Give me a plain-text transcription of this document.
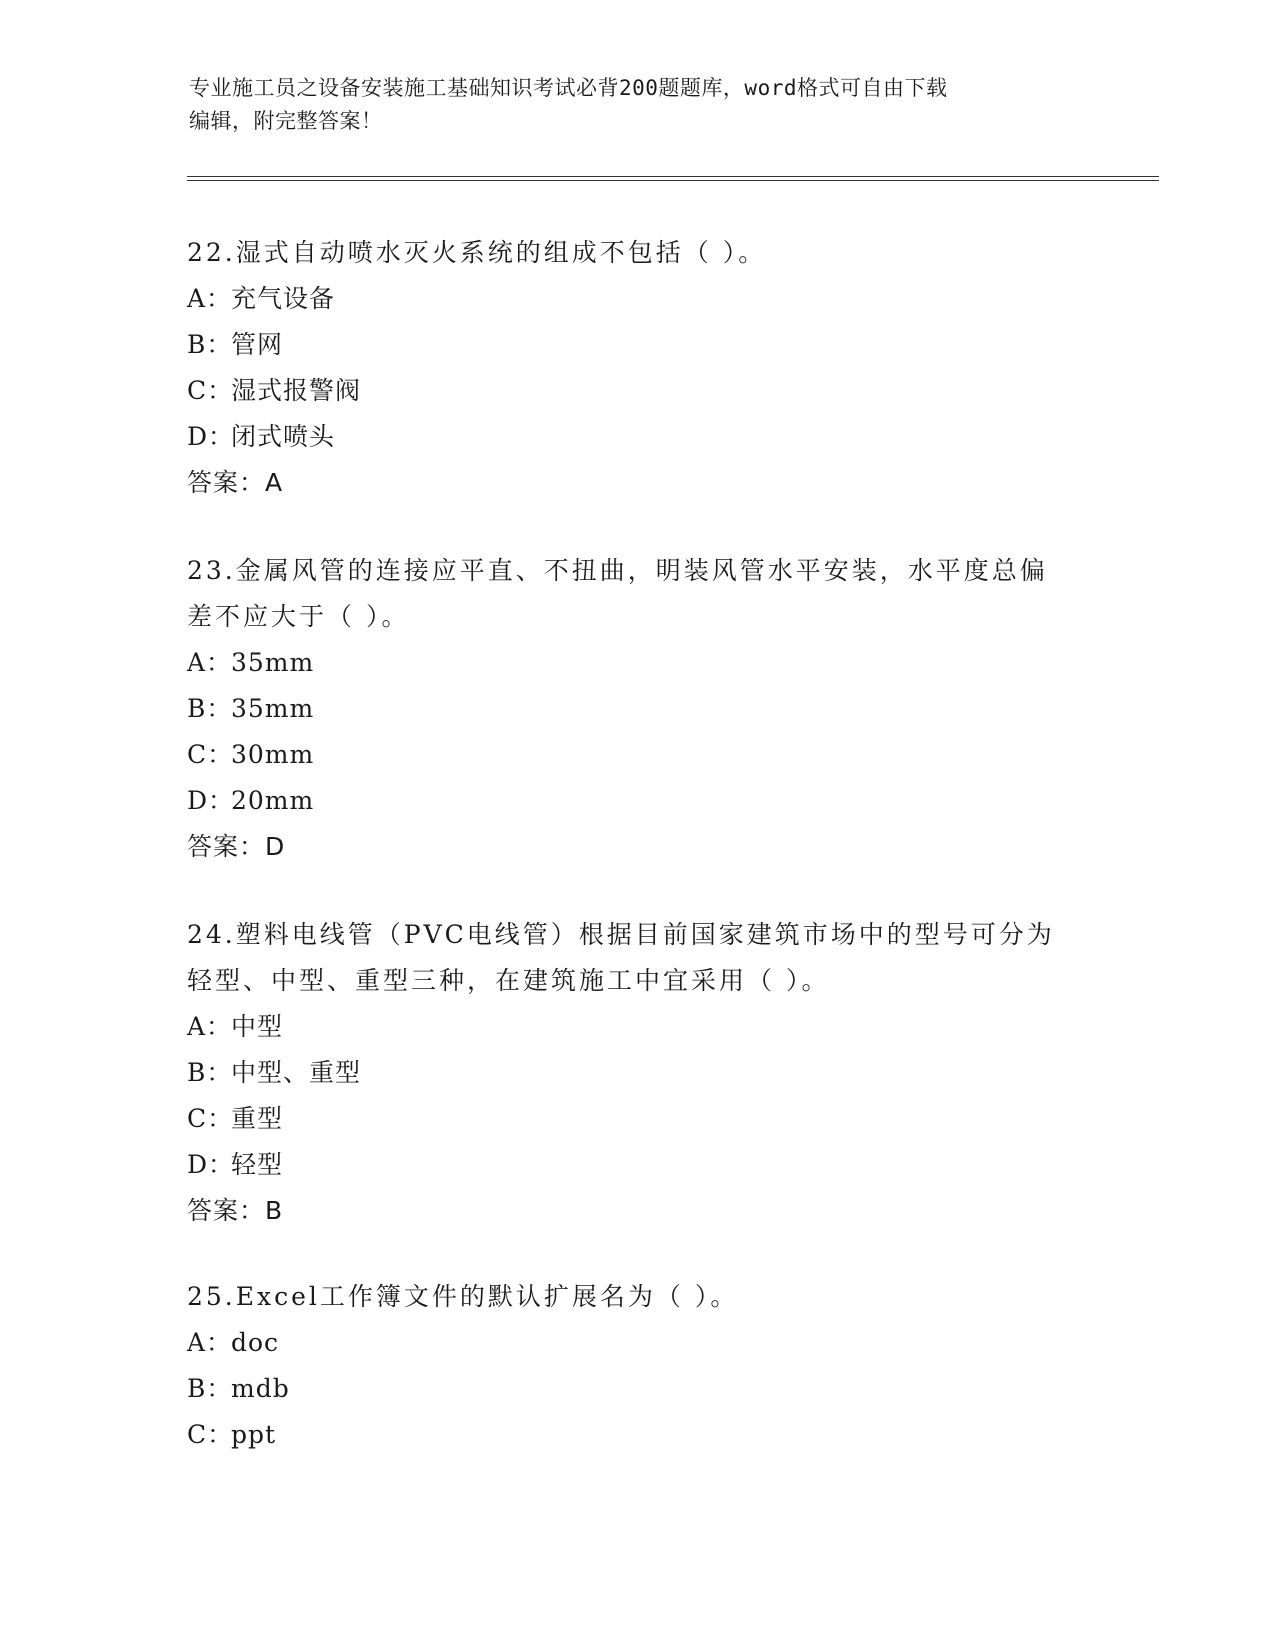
专业施工员之设备安装施工基础知识考试必背200题题库，word格式可自由下载
编辑，附完整答案！
22.湿式自动喷水灭火系统的组成不包括（ ）。
A：充气设备
B：管网
C：湿式报警阀
D：闭式喷头
答案：A
23.金属风管的连接应平直、不扭曲，明装风管水平安装，水平度总偏
差不应大于（ ）。
A：35mm
B：35mm
C：30mm
D：20mm
答案：D
24.塑料电线管（PVC电线管）根据目前国家建筑市场中的型号可分为
轻型、中型、重型三种，在建筑施工中宜采用（ ）。
A：中型
B：中型、重型
C：重型
D：轻型
答案：B
25.Excel工作簿文件的默认扩展名为（ ）。
A：doc
B：mdb
C：ppt
